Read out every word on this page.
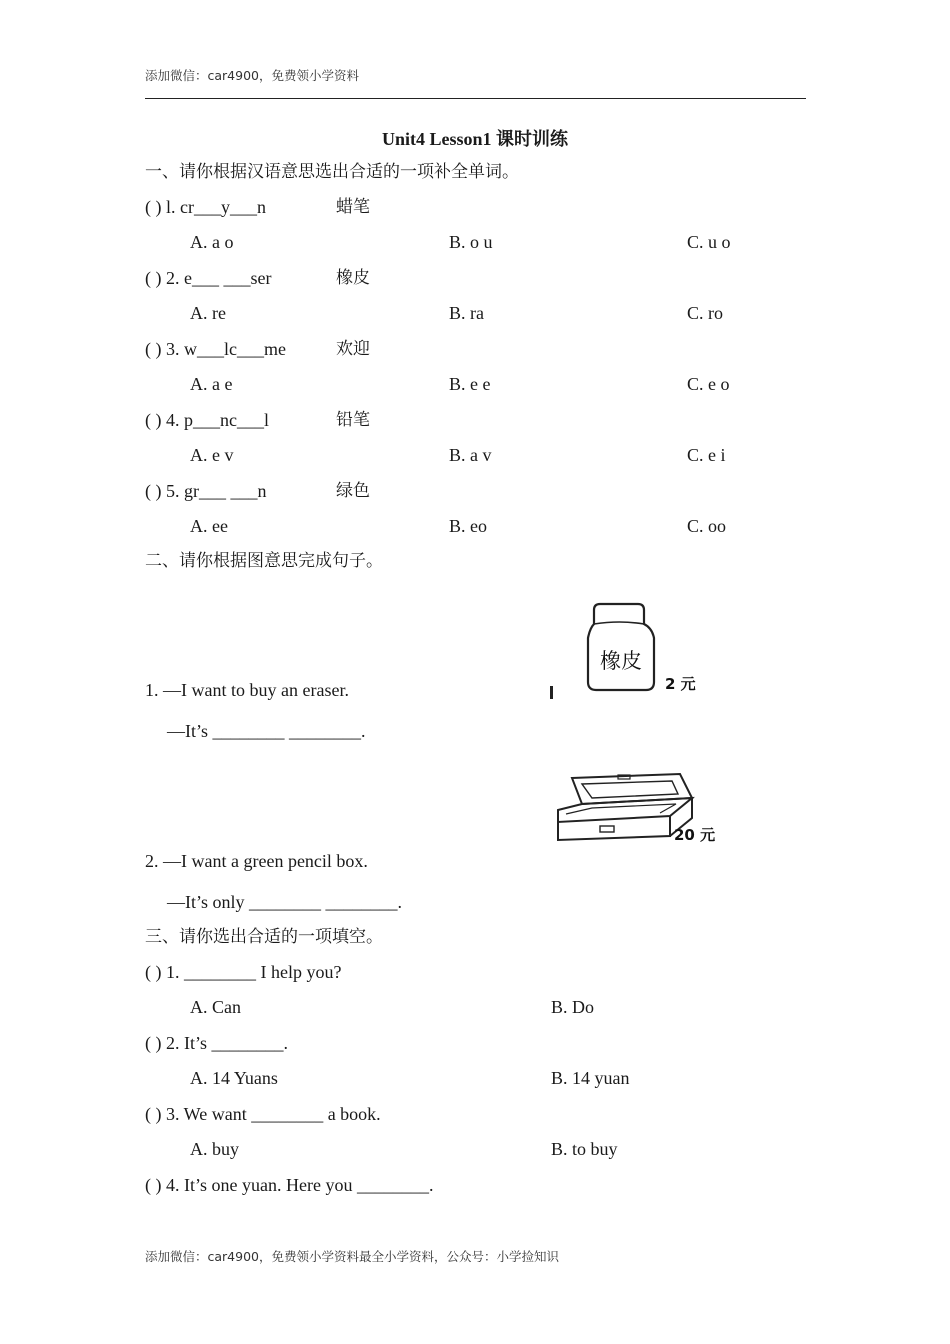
添加微信：car4900，免费领小学资料
Unit4 Lesson1 课时训练
一、请你根据汉语意思选出合适的一项补全单词。
( ) l. cr___y___n	蜡笔
A. a o	B. o u	C. u o
( ) 2. e___ ___ser	橡皮
A. re	B. ra	C. ro
( ) 3. w___lc___me	欢迎
A. a e	B. e e	C. e o
( ) 4. p___nc___l	铅笔
A. e v	B. a v	C. e i
( ) 5. gr___ ___n	绿色
A. ee	B. eo	C. oo
二、请你根据图意思完成句子。
橡皮
2 元
1. —I want to buy an eraser.
—It’s ________ ________.
20 元
2. —I want a green pencil box.
—It’s only ________ ________.
三、请你选出合适的一项填空。
( ) 1. ________ I help you?
A. Can	B. Do
( ) 2. It’s ________.
A. 14 Yuans	B. 14 yuan
( ) 3. We want ________ a book.
A. buy	B. to buy
( ) 4. It’s one yuan. Here you ________.
添加微信：car4900，免费领小学资料最全小学资料，公众号：小学捡知识
